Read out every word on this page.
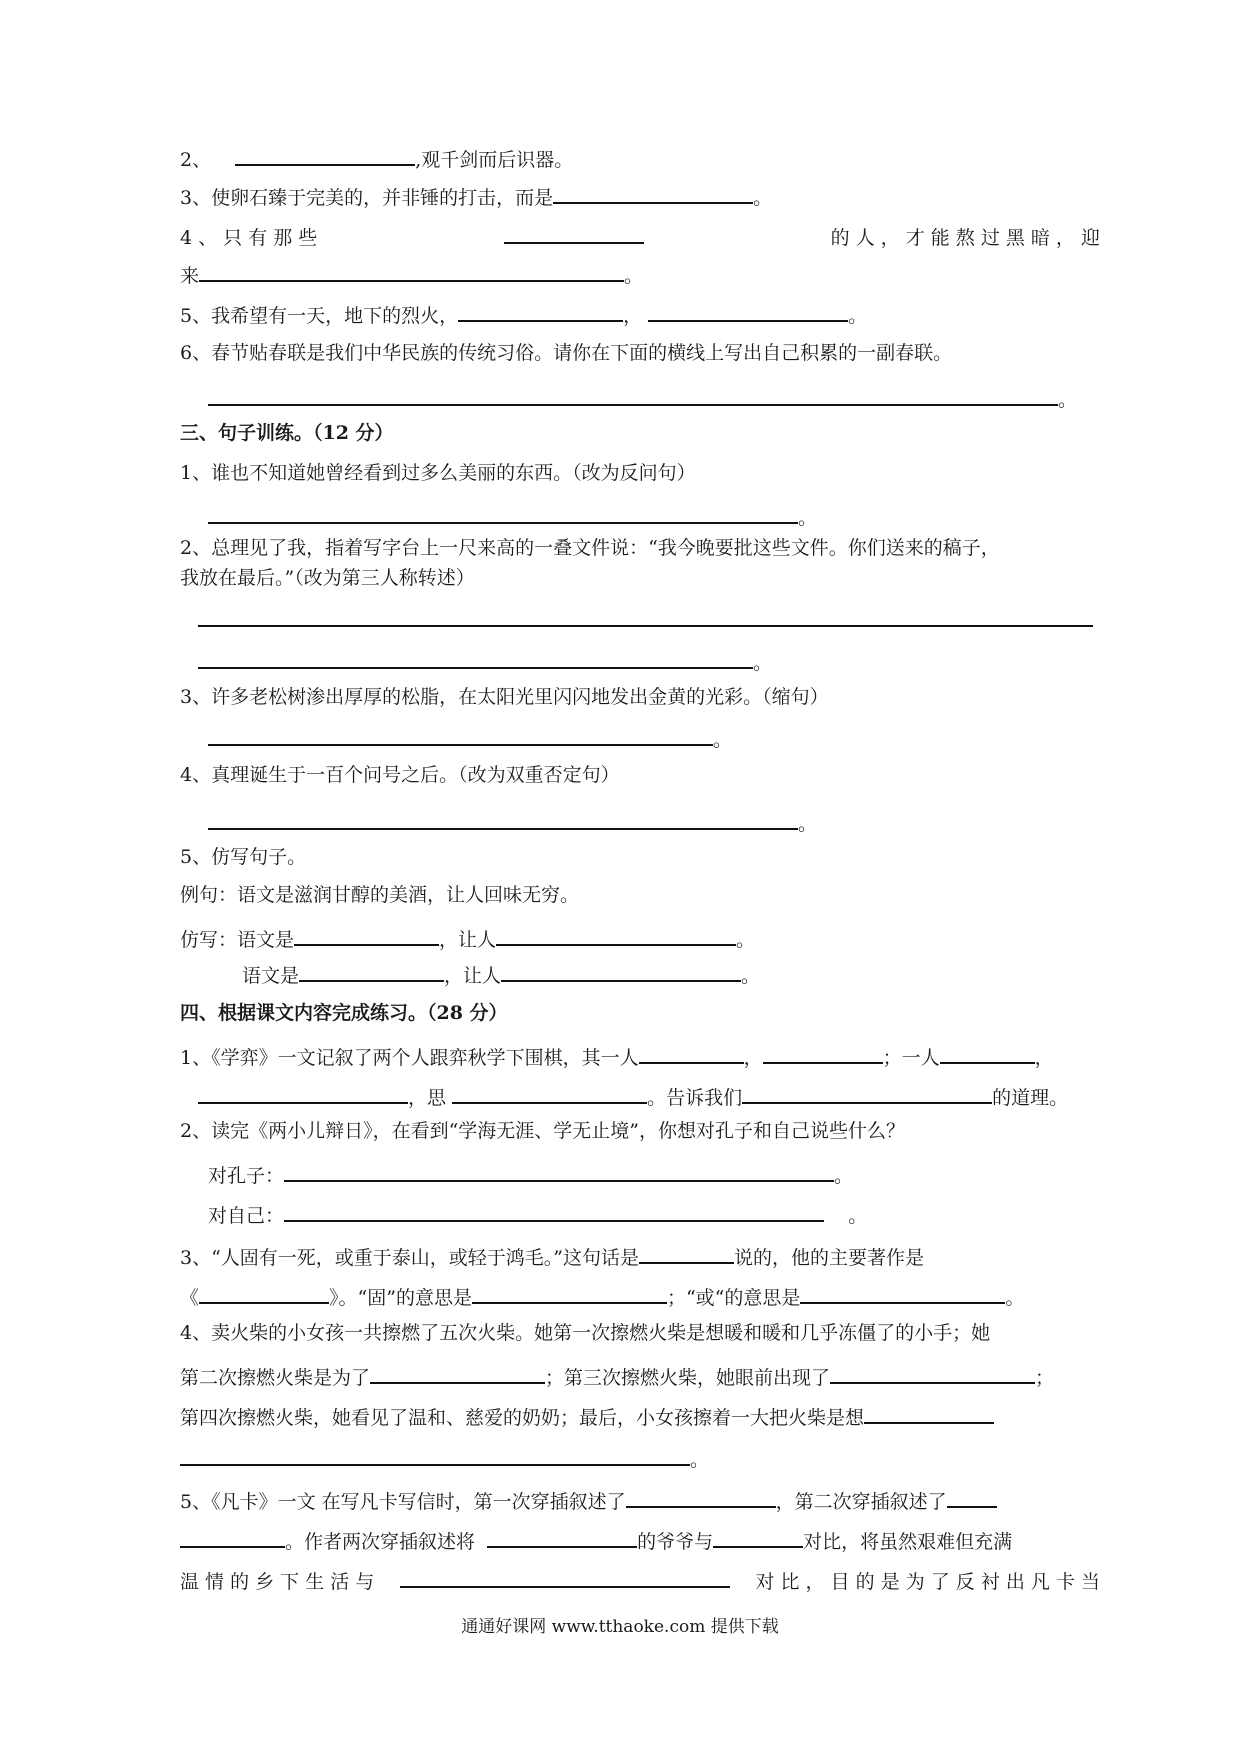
2、	,观千剑而后识器。
3、使卵石臻于完美的，并非锤的打击，而是	。
4 、 只 有 那 些	的 人 ， 才 能 熬 过 黑 暗 ， 迎
来	。
5、我希望有一天，地下的烈火，	，	。
6、春节贴春联是我们中华民族的传统习俗。请你在下面的横线上写出自己积累的一副春联。
。
三、句子训练。（12 分）
1、谁也不知道她曾经看到过多么美丽的东西。（改为反问句）
。
2、总理见了我，指着写字台上一尺来高的一叠文件说：“我今晚要批这些文件。你们送来的稿子，
我放在最后。”（改为第三人称转述）
。
3、许多老松树渗出厚厚的松脂，在太阳光里闪闪地发出金黄的光彩。（缩句）
。
4、真理诞生于一百个问号之后。（改为双重否定句）
。
5、仿写句子。
例句：语文是滋润甘醇的美酒，让人回味无穷。
仿写：语文是	，让人	。
语文是	，让人	。
四、根据课文内容完成练习。（28 分）
1、《学弈》一文记叙了两个人跟弈秋学下围棋，其一人	，	；一人	，
，思	。告诉我们	的道理。
2、读完《两小儿辩日》，在看到“学海无涯、学无止境”，你想对孔子和自己说些什么？
对孔子：	。
对自己：	。
3、“人固有一死，或重于泰山，或轻于鸿毛。”这句话是	说的，他的主要著作是
《	》。“固”的意思是	；“或“的意思是	。
4、卖火柴的小女孩一共擦燃了五次火柴。她第一次擦燃火柴是想暖和暖和几乎冻僵了的小手；她
第二次擦燃火柴是为了	；第三次擦燃火柴，她眼前出现了	；
第四次擦燃火柴，她看见了温和、慈爱的奶奶；最后，小女孩擦着一大把火柴是想
。
5、《凡卡》一文 在写凡卡写信时，第一次穿插叙述了	，第二次穿插叙述了
。作者两次穿插叙述将	的爷爷与	对比，将虽然艰难但充满
温 情 的 乡 下 生 活 与	对 比 ， 目 的 是 为 了 反 衬 出 凡 卡 当
通通好课网 www.tthaoke.com 提供下载
